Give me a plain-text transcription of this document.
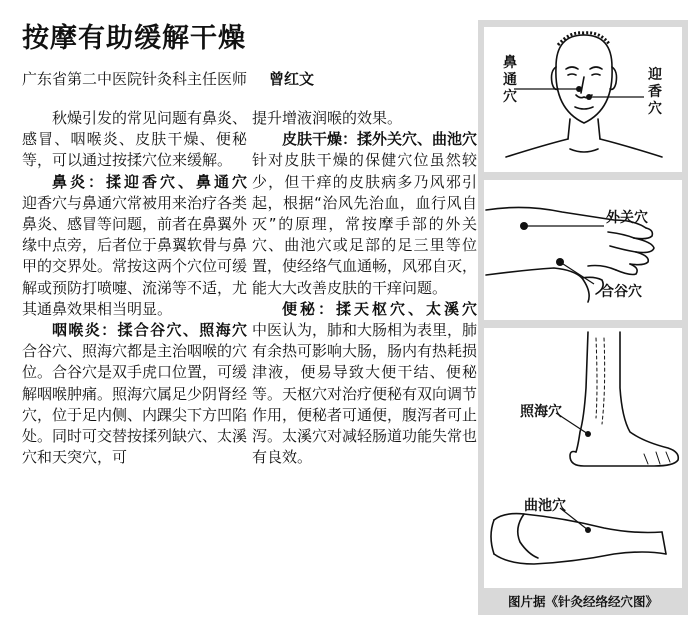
按摩有助缓解干燥
广东省第二中医院针灸科主任医师 曾红文

秋燥引发的常见问题有鼻炎、感冒、咽喉炎、皮肤干燥、便秘等，可以通过按揉穴位来缓解。

鼻炎：揉迎香穴、鼻通穴　迎香穴与鼻通穴常被用来治疗各类鼻炎、感冒等问题，前者在鼻翼外缘中点旁，后者位于鼻翼软骨与鼻甲的交界处。常按这两个穴位可缓解或预防打喷嚏、流涕等不适，尤其通鼻效果相当明显。

咽喉炎：揉合谷穴、照海穴　合谷穴、照海穴都是主治咽喉的穴位。合谷穴是双手虎口位置，可缓解咽喉肿痛。照海穴属足少阴肾经穴，位于足内侧、内踝尖下方凹陷处。同时可交替按揉列缺穴、太溪穴和天突穴，可

提升增液润喉的效果。

皮肤干燥：揉外关穴、曲池穴　针对皮肤干燥的保健穴位虽然较少，但干痒的皮肤病多乃风邪引起，根据“治风先治血，血行风自灭”的原理，常按摩手部的外关穴、曲池穴或足部的足三里等位置，使经络气血通畅，风邪自灭，能大大改善皮肤的干痒问题。

便秘：揉天枢穴、太溪穴　中医认为，肺和大肠相为表里，肺有余热可影响大肠，肠内有热耗损津液，便易导致大便干结、便秘等。天枢穴对治疗便秘有双向调节作用，便秘者可通便，腹泻者可止泻。太溪穴对减轻肠道功能失常也有良效。

鼻通穴
迎香穴
外关穴
合谷穴
照海穴
曲池穴
图片据《针灸经络经穴图》
